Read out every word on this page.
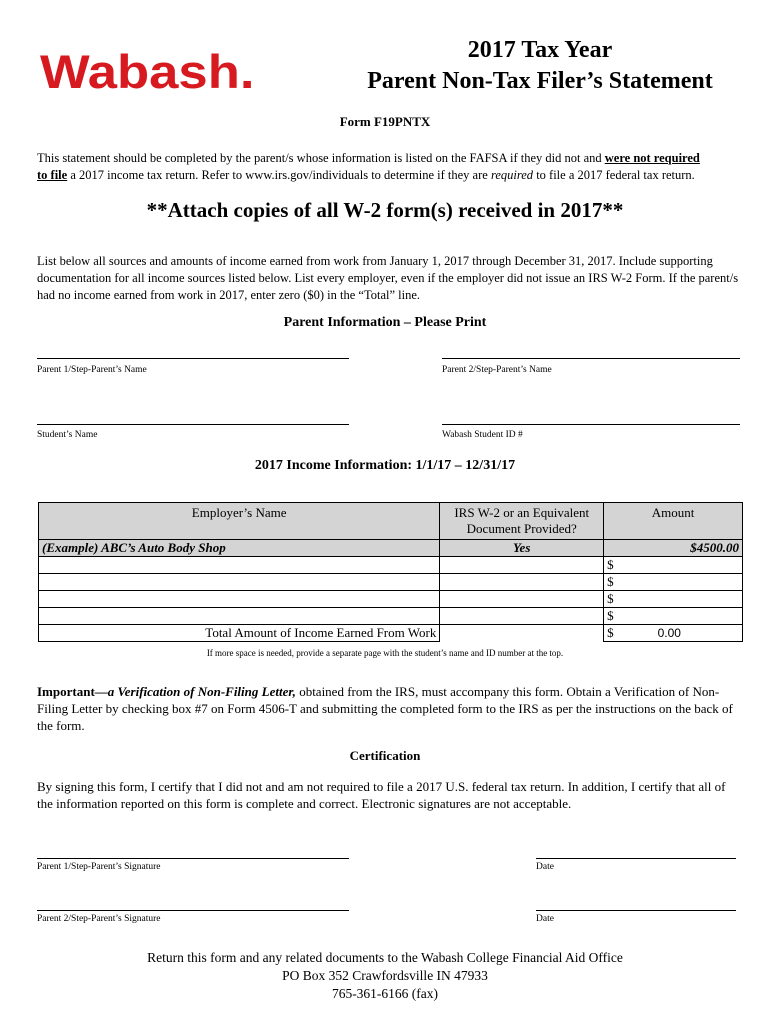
Wabash.	2017 Tax Year
Parent Non-Tax Filer’s Statement
Form F19PNTX
This statement should be completed by the parent/s whose information is listed on the FAFSA if they did not and were not required
to file a 2017 income tax return. Refer to www.irs.gov/individuals to determine if they are required to file a 2017 federal tax return.
**Attach copies of all W-2 form(s) received in 2017**
List below all sources and amounts of income earned from work from January 1, 2017 through December 31, 2017. Include supporting documentation for all income sources listed below. List every employer, even if the employer did not issue an IRS W-2 Form. If the parent/s had no income earned from work in 2017, enter zero ($0) in the “Total” line.
Parent Information – Please Print
Parent 1/Step-Parent’s Name	Parent 2/Step-Parent’s Name
Student’s Name	Wabash Student ID #
2017 Income Information: 1/1/17 – 12/31/17
Employer’s Name	IRS W-2 or an Equivalent Document Provided?	Amount
(Example) ABC’s Auto Body Shop	Yes	$4500.00
		$
		$
		$
		$
Total Amount of Income Earned From Work		$ 0.00
If more space is needed, provide a separate page with the student’s name and ID number at the top.
Important—a Verification of Non-Filing Letter, obtained from the IRS, must accompany this form. Obtain a Verification of Non-Filing Letter by checking box #7 on Form 4506-T and submitting the completed form to the IRS as per the instructions on the back of the form.
Certification
By signing this form, I certify that I did not and am not required to file a 2017 U.S. federal tax return. In addition, I certify that all of the information reported on this form is complete and correct. Electronic signatures are not acceptable.
Parent 1/Step-Parent’s Signature	Date
Parent 2/Step-Parent’s Signature	Date
Return this form and any related documents to the Wabash College Financial Aid Office
PO Box 352 Crawfordsville IN 47933
765-361-6166 (fax)
